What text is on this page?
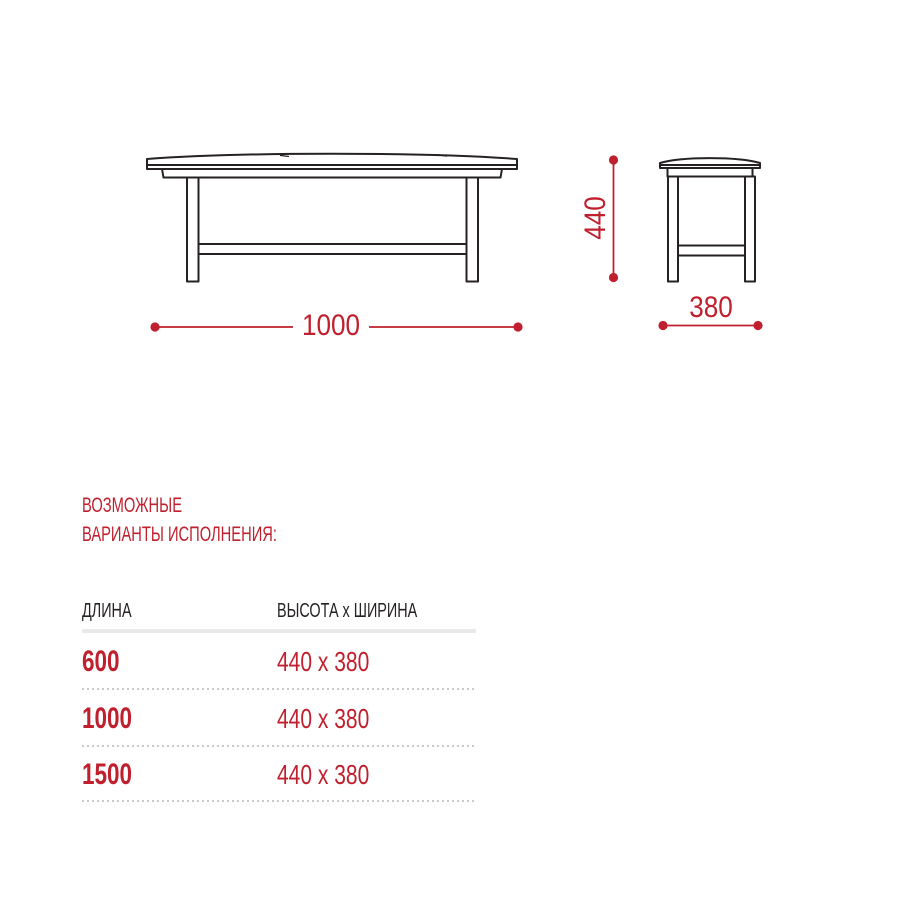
1000
440
380
ВОЗМОЖНЫЕ
ВАРИАНТЫ ИСПОЛНЕНИЯ:
ДЛИНА	ВЫСОТА x ШИРИНА
600	440 x 380
1000	440 x 380
1500	440 x 380
